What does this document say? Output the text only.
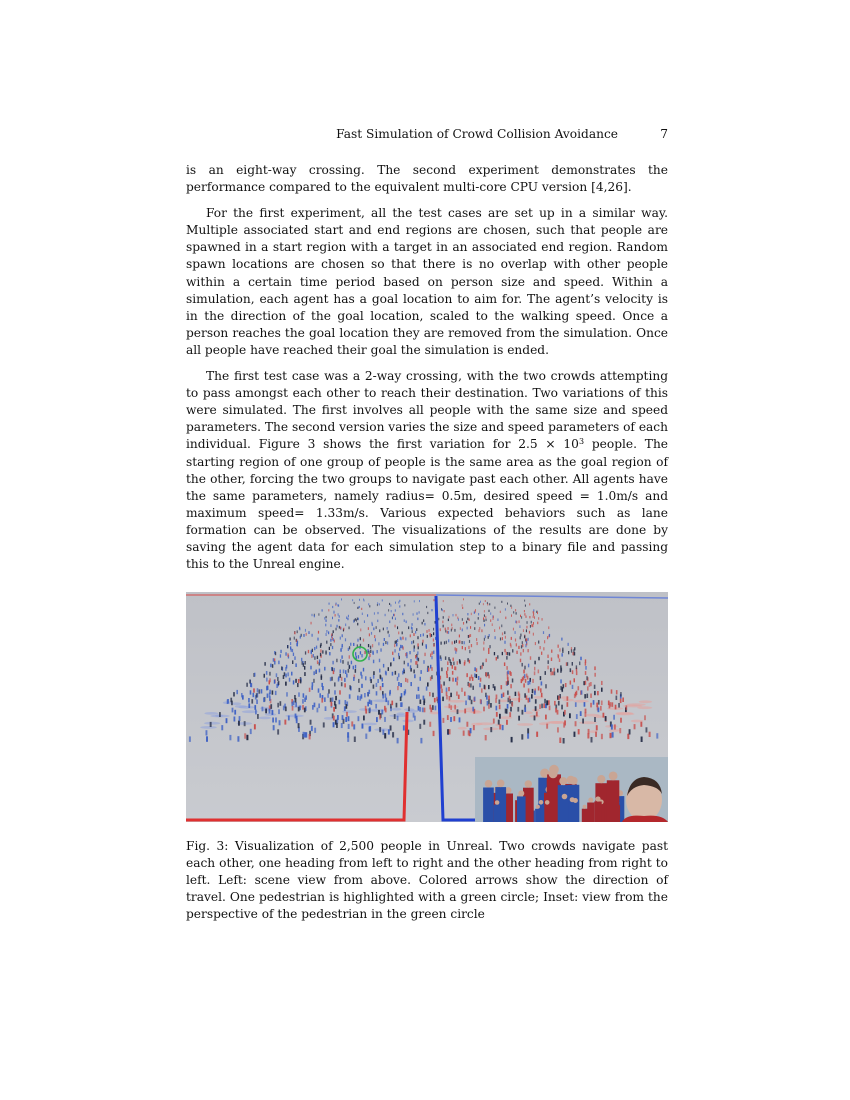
Fast Simulation of Crowd Collision Avoidance	7

is an eight-way crossing. The second experiment demonstrates the performance compared to the equivalent multi-core CPU version [4,26].

For the first experiment, all the test cases are set up in a similar way. Multiple associated start and end regions are chosen, such that people are spawned in a start region with a target in an associated end region. Random spawn locations are chosen so that there is no overlap with other people within a certain time period based on person size and speed. Within a simulation, each agent has a goal location to aim for. The agent’s velocity is in the direction of the goal location, scaled to the walking speed. Once a person reaches the goal location they are removed from the simulation. Once all people have reached their goal the simulation is ended.

The first test case was a 2-way crossing, with the two crowds attempting to pass amongst each other to reach their destination. Two variations of this were simulated. The first involves all people with the same size and speed parameters. The second version varies the size and speed parameters of each individual. Figure 3 shows the first variation for $2.5 \times 10^3$ people. The starting region of one group of people is the same area as the goal region of the other, forcing the two groups to navigate past each other. All agents have the same parameters, namely radius= 0.5m, desired speed = 1.0m/s and maximum speed= 1.33m/s. Various expected behaviors such as lane formation can be observed. The visualizations of the results are done by saving the agent data for each simulation step to a binary file and passing this to the Unreal engine.

Fig. 3: Visualization of 2,500 people in Unreal. Two crowds navigate past each other, one heading from left to right and the other heading from right to left. Left: scene view from above. Colored arrows show the direction of travel. One pedestrian is highlighted with a green circle; Inset: view from the perspective of the pedestrian in the green circle
